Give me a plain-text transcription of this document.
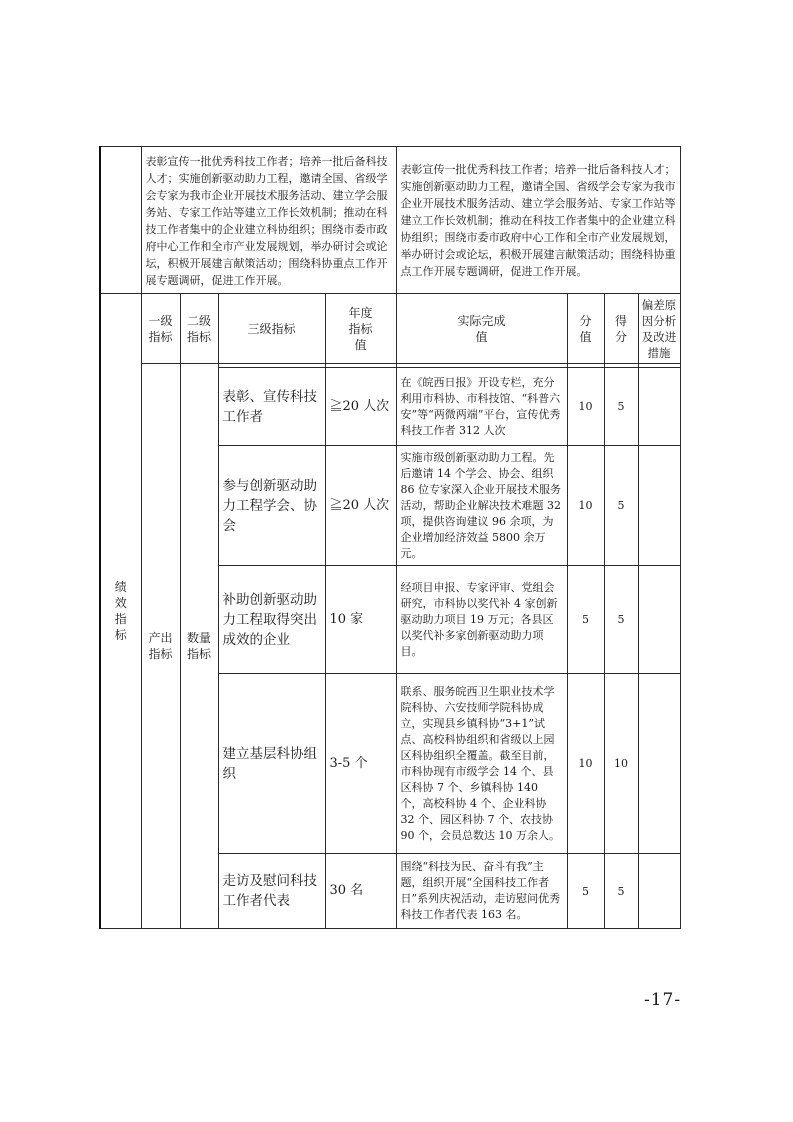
	表彰宣传一批优秀科技工作者；培养一批后备科技人才；实施创新驱动助力工程，邀请全国、省级学会专家为我市企业开展技术服务活动、建立学会服务站、专家工作站等建立工作长效机制；推动在科技工作者集中的企业建立科协组织；围绕市委市政府中心工作和全市产业发展规划，举办研讨会或论坛，积极开展建言献策活动；围绕科协重点工作开展专题调研，促进工作开展。				表彰宣传一批优秀科技工作者；培养一批后备科技人才；实施创新驱动助力工程，邀请全国、省级学会专家为我市企业开展技术服务活动、建立学会服务站、专家工作站等建立工作长效机制；推动在科技工作者集中的企业建立科协组织；围绕市委市政府中心工作和全市产业发展规划，举办研讨会或论坛，积极开展建言献策活动；围绕科协重点工作开展专题调研，促进工作开展。			

绩效指标	一级指标	二级指标	三级指标	年度指标值	实际完成值	分值	得分	偏差原因分析及改进措施

	产出指标	数量指标						

			表彰、宣传科技工作者	≧20 人次	在《皖西日报》开设专栏，充分利用市科协、市科技馆、“科普六安”等“两微两端”平台，宣传优秀科技工作者 312 人次	10	5	
			参与创新驱动助力工程学会、协会	≧20 人次	实施市级创新驱动助力工程。先后邀请 14 个学会、协会、组织 86 位专家深入企业开展技术服务活动，帮助企业解决技术难题 32 项，提供咨询建议 96 余项，为企业增加经济效益 5800 余万元。	10	5	
			补助创新驱动助力工程取得突出成效的企业	10 家	经项目申报、专家评审、党组会研究，市科协以奖代补 4 家创新驱动助力项目 19 万元；各县区以奖代补多家创新驱动助力项目。	5	5	
			建立基层科协组织	3-5 个	联系、服务皖西卫生职业技术学院科协、六安技师学院科协成立，实现县乡镇科协“3+1”试点、高校科协组织和省级以上园区科协组织全覆盖。截至目前，市科协现有市级学会 14 个、县区科协 7 个、乡镇科协 140 个，高校科协 4 个、企业科协 32 个、园区科协 7 个、农技协 90 个，会员总数达 10 万余人。	10	10	
			走访及慰问科技工作者代表	30 名	围绕“科技为民、奋斗有我”主题，组织开展“全国科技工作者日”系列庆祝活动，走访慰问优秀科技工作者代表 163 名。	5	5	
-17-
